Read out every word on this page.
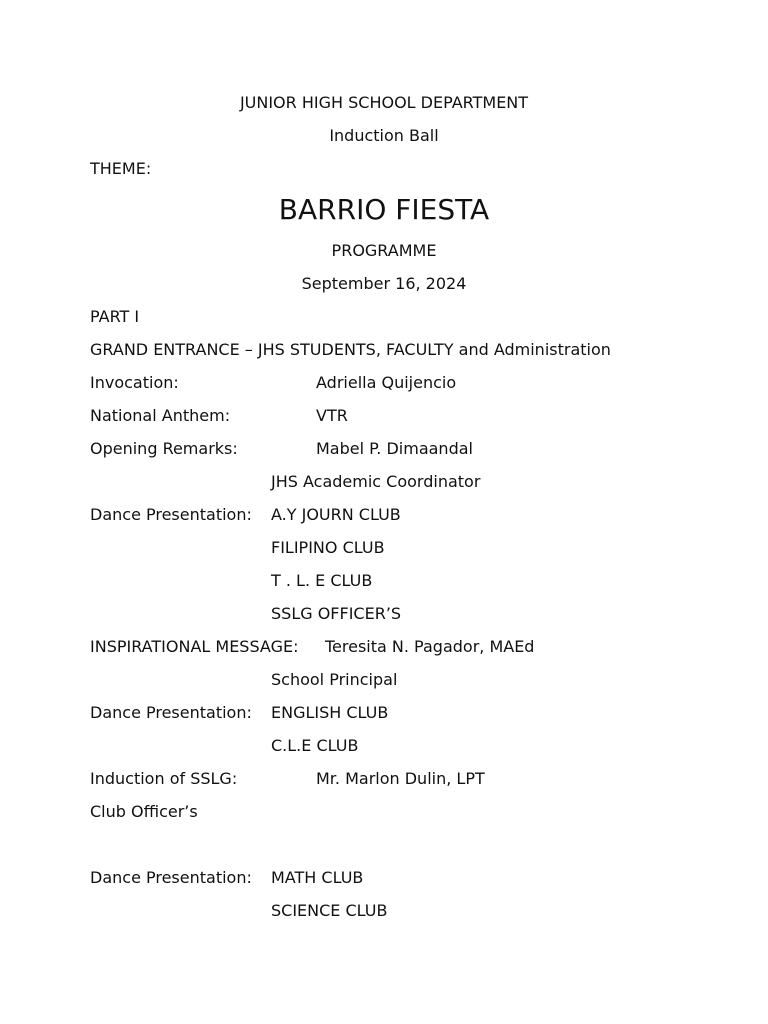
JUNIOR HIGH SCHOOL DEPARTMENT
Induction Ball
THEME:
BARRIO FIESTA
PROGRAMME
September 16, 2024
PART I
GRAND ENTRANCE – JHS STUDENTS, FACULTY and Administration
Invocation:	Adriella Quijencio
National Anthem:	VTR
Opening Remarks:	Mabel P. Dimaandal
JHS Academic Coordinator
Dance Presentation: A.Y JOURN CLUB
FILIPINO CLUB
T . L. E CLUB
SSLG OFFICER’S
INSPIRATIONAL MESSAGE: Teresita N. Pagador, MAEd
School Principal
Dance Presentation: ENGLISH CLUB
C.L.E CLUB
Induction of SSLG:	Mr. Marlon Dulin, LPT
Club Officer’s
Dance Presentation: MATH CLUB
SCIENCE CLUB
